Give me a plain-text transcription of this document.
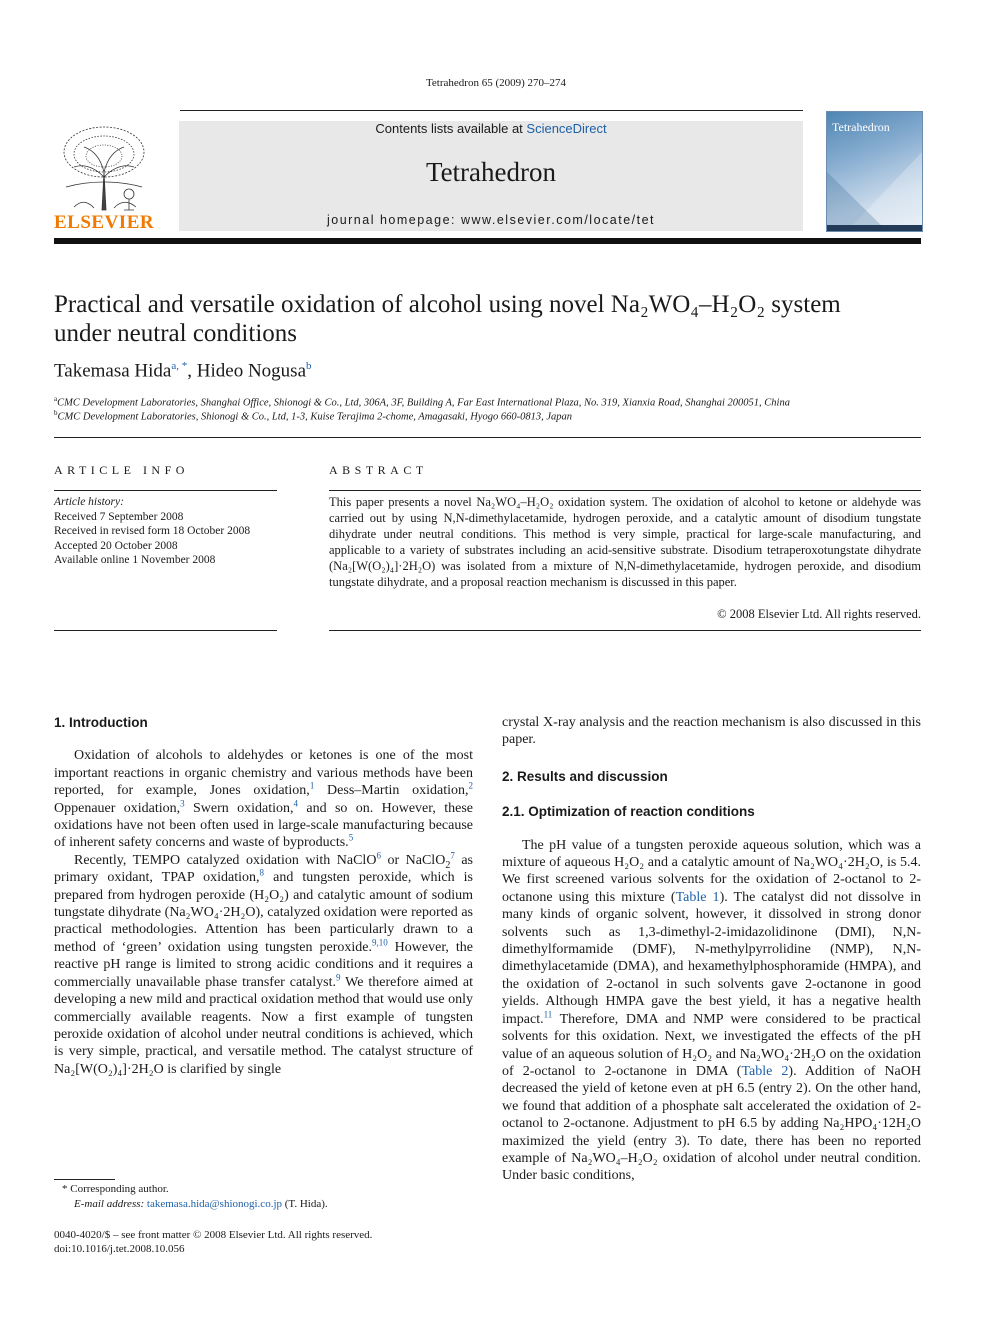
Tetrahedron 65 (2009) 270–274
ELSEVIER
Contents lists available at ScienceDirect
Tetrahedron
journal homepage: www.elsevier.com/locate/tet
Tetrahedron
Practical and versatile oxidation of alcohol using novel Na₂WO₄–H₂O₂ system
under neutral conditions
Takemasa Hida$^{a, *}$, Hideo Nogusa$^b$
$^a$CMC Development Laboratories, Shanghai Office, Shionogi & Co., Ltd, 306A, 3F, Building A, Far East International Plaza, No. 319, Xianxia Road, Shanghai 200051, China
$^b$CMC Development Laboratories, Shionogi & Co., Ltd, 1-3, Kuise Terajima 2-chome, Amagasaki, Hyogo 660-0813, Japan
ARTICLE INFO
Article history:
Received 7 September 2008
Received in revised form 18 October 2008
Accepted 20 October 2008
Available online 1 November 2008
ABSTRACT
This paper presents a novel Na₂WO₄–H₂O₂ oxidation system. The oxidation of alcohol to ketone or aldehyde was carried out by using N,N-dimethylacetamide, hydrogen peroxide, and a catalytic amount of disodium tungstate dihydrate under neutral conditions. This method is very simple, practical for large-scale manufacturing, and applicable to a variety of substrates including an acid-sensitive substrate. Disodium tetraperoxotungstate dihydrate (Na₂[W(O₂)₄]·2H₂O) was isolated from a mixture of N,N-dimethylacetamide, hydrogen peroxide, and disodium tungstate dihydrate, and a proposal reaction mechanism is discussed in this paper.
© 2008 Elsevier Ltd. All rights reserved.

1. Introduction

Oxidation of alcohols to aldehydes or ketones is one of the most important reactions in organic chemistry and various methods have been reported, for example, Jones oxidation,$^1$ Dess–Martin oxidation,$^2$ Oppenauer oxidation,$^3$ Swern oxidation,$^4$ and so on. However, these oxidations have not been often used in large-scale manufacturing because of inherent safety concerns and waste of byproducts.$^5$

Recently, TEMPO catalyzed oxidation with NaClO$^6$ or NaClO$_2^7$ as primary oxidant, TPAP oxidation,$^8$ and tungsten peroxide, which is prepared from hydrogen peroxide (H₂O₂) and catalytic amount of sodium tungstate dihydrate (Na₂WO₄·2H₂O), catalyzed oxidation were reported as practical methodologies. Attention has been particularly drawn to a method of ‘green’ oxidation using tungsten peroxide.$^{9,10}$ However, the reactive pH range is limited to strong acidic conditions and it requires a commercially unavailable phase transfer catalyst.$^9$ We therefore aimed at developing a new mild and practical oxidation method that would use only commercially available reagents. Now a first example of tungsten peroxide oxidation of alcohol under neutral conditions is achieved, which is very simple, practical, and versatile method. The catalyst structure of Na₂[W(O₂)₄]·2H₂O is clarified by single

crystal X-ray analysis and the reaction mechanism is also discussed in this paper.

2. Results and discussion

2.1. Optimization of reaction conditions

The pH value of a tungsten peroxide aqueous solution, which was a mixture of aqueous H₂O₂ and a catalytic amount of Na₂WO₄·2H₂O, is 5.4. We first screened various solvents for the oxidation of 2-octanol to 2-octanone using this mixture (Table 1). The catalyst did not dissolve in many kinds of organic solvent, however, it dissolved in strong donor solvents such as 1,3-dimethyl-2-imidazolidinone (DMI), N,N-dimethylformamide (DMF), N-methylpyrrolidine (NMP), N,N-dimethylacetamide (DMA), and hexamethylphosphoramide (HMPA), and the oxidation of 2-octanol in such solvents gave 2-octanone in good yields. Although HMPA gave the best yield, it has a negative health impact.$^{11}$ Therefore, DMA and NMP were considered to be practical solvents for this oxidation. Next, we investigated the effects of the pH value of an aqueous solution of H₂O₂ and Na₂WO₄·2H₂O on the oxidation of 2-octanol to 2-octanone in DMA (Table 2). Addition of NaOH decreased the yield of ketone even at pH 6.5 (entry 2). On the other hand, we found that addition of a phosphate salt accelerated the oxidation of 2-octanol to 2-octanone. Adjustment to pH 6.5 by adding Na₂HPO₄·12H₂O maximized the yield (entry 3). To date, there has been no reported example of Na₂WO₄–H₂O₂ oxidation of alcohol under neutral condition. Under basic conditions,

* Corresponding author.
E-mail address: takemasa.hida@shionogi.co.jp (T. Hida).
0040-4020/$ – see front matter © 2008 Elsevier Ltd. All rights reserved.
doi:10.1016/j.tet.2008.10.056
